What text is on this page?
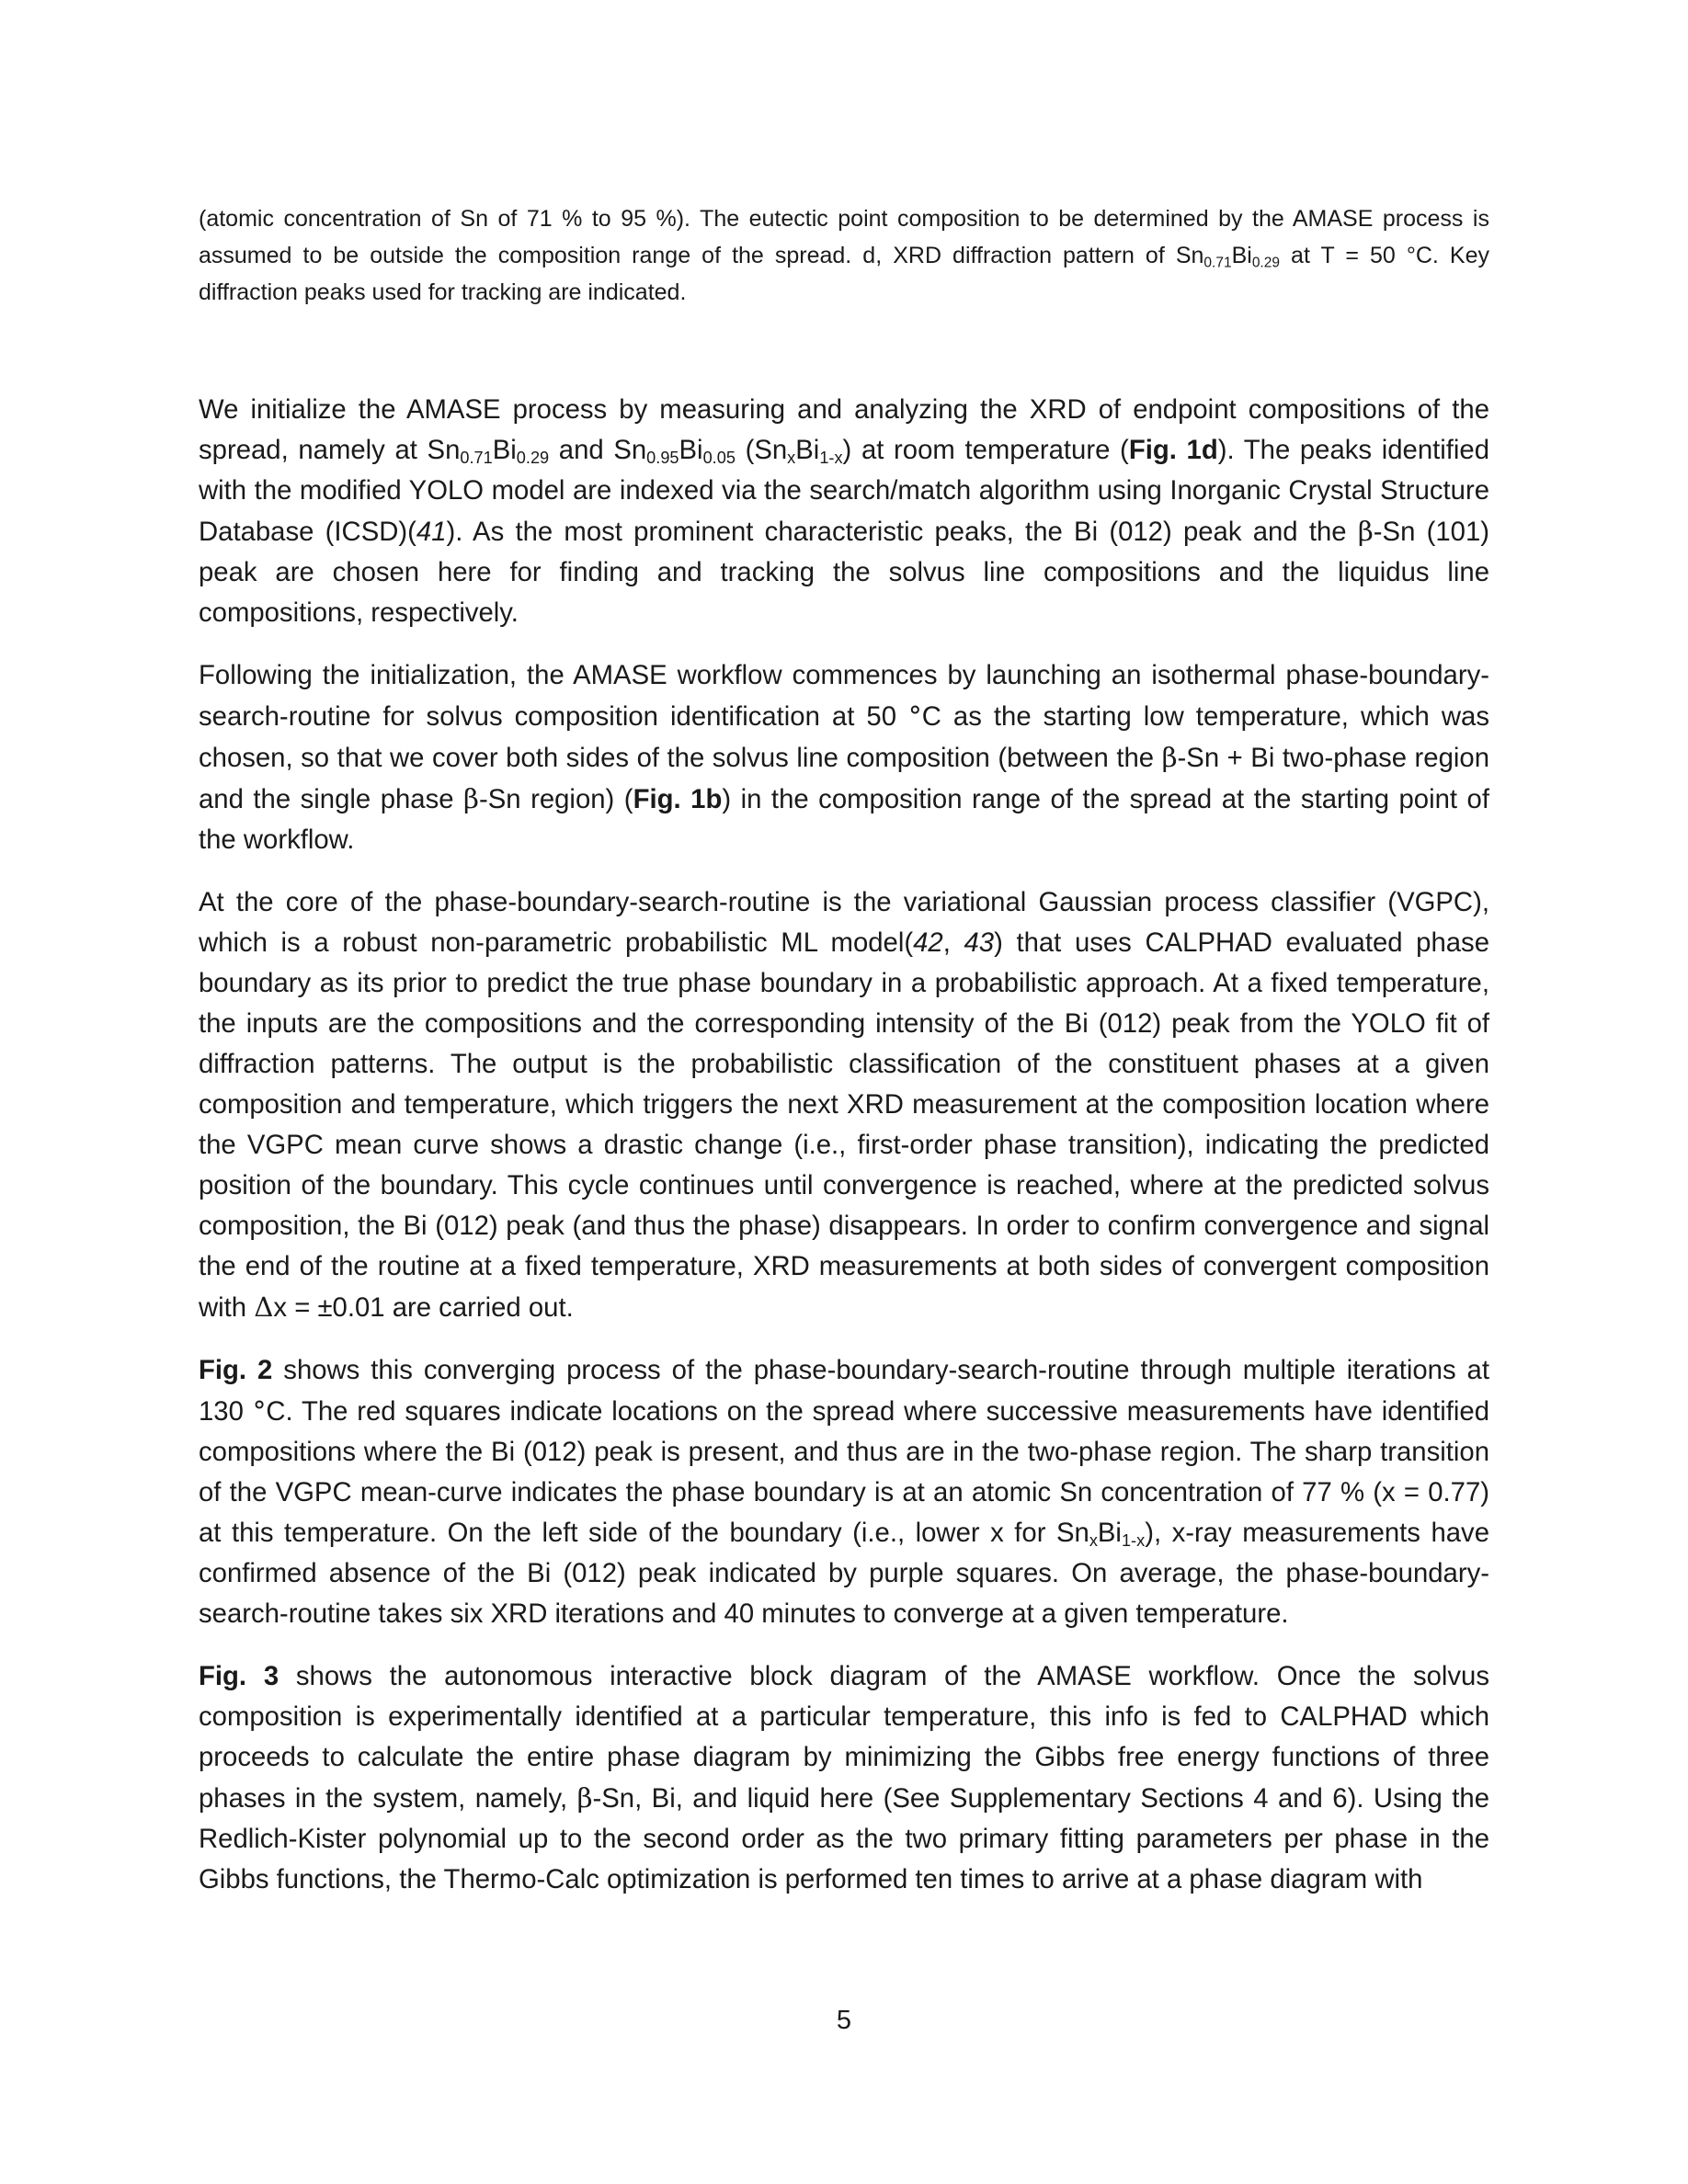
(atomic concentration of Sn of 71 % to 95 %). The eutectic point composition to be determined by the AMASE process is assumed to be outside the composition range of the spread. d, XRD diffraction pattern of $Sn_{0.71}Bi_{0.29}$ at T = 50 °C. Key diffraction peaks used for tracking are indicated.

We initialize the AMASE process by measuring and analyzing the XRD of endpoint compositions of the spread, namely at $Sn_{0.71}Bi_{0.29}$ and $Sn_{0.95}Bi_{0.05}$ $(Sn_xBi_{1-x})$ at room temperature (Fig. 1d). The peaks identified with the modified YOLO model are indexed via the search/match algorithm using Inorganic Crystal Structure Database (ICSD)(41). As the most prominent characteristic peaks, the Bi (012) peak and the β-Sn (101) peak are chosen here for finding and tracking the solvus line compositions and the liquidus line compositions, respectively.

Following the initialization, the AMASE workflow commences by launching an isothermal phase-boundary-search-routine for solvus composition identification at 50 °C as the starting low temperature, which was chosen, so that we cover both sides of the solvus line composition (between the β-Sn + Bi two-phase region and the single phase β-Sn region) (Fig. 1b) in the composition range of the spread at the starting point of the workflow.

At the core of the phase-boundary-search-routine is the variational Gaussian process classifier (VGPC), which is a robust non-parametric probabilistic ML model(42, 43) that uses CALPHAD evaluated phase boundary as its prior to predict the true phase boundary in a probabilistic approach. At a fixed temperature, the inputs are the compositions and the corresponding intensity of the Bi (012) peak from the YOLO fit of diffraction patterns. The output is the probabilistic classification of the constituent phases at a given composition and temperature, which triggers the next XRD measurement at the composition location where the VGPC mean curve shows a drastic change (i.e., first-order phase transition), indicating the predicted position of the boundary. This cycle continues until convergence is reached, where at the predicted solvus composition, the Bi (012) peak (and thus the phase) disappears. In order to confirm convergence and signal the end of the routine at a fixed temperature, XRD measurements at both sides of convergent composition with Δx = ±0.01 are carried out.

Fig. 2 shows this converging process of the phase-boundary-search-routine through multiple iterations at 130 °C. The red squares indicate locations on the spread where successive measurements have identified compositions where the Bi (012) peak is present, and thus are in the two-phase region. The sharp transition of the VGPC mean-curve indicates the phase boundary is at an atomic Sn concentration of 77 % (x = 0.77) at this temperature. On the left side of the boundary (i.e., lower x for $Sn_xBi_{1-x}$), x-ray measurements have confirmed absence of the Bi (012) peak indicated by purple squares. On average, the phase-boundary-search-routine takes six XRD iterations and 40 minutes to converge at a given temperature.

Fig. 3 shows the autonomous interactive block diagram of the AMASE workflow. Once the solvus composition is experimentally identified at a particular temperature, this info is fed to CALPHAD which proceeds to calculate the entire phase diagram by minimizing the Gibbs free energy functions of three phases in the system, namely, β-Sn, Bi, and liquid here (See Supplementary Sections 4 and 6). Using the Redlich-Kister polynomial up to the second order as the two primary fitting parameters per phase in the Gibbs functions, the Thermo-Calc optimization is performed ten times to arrive at a phase diagram with

5
